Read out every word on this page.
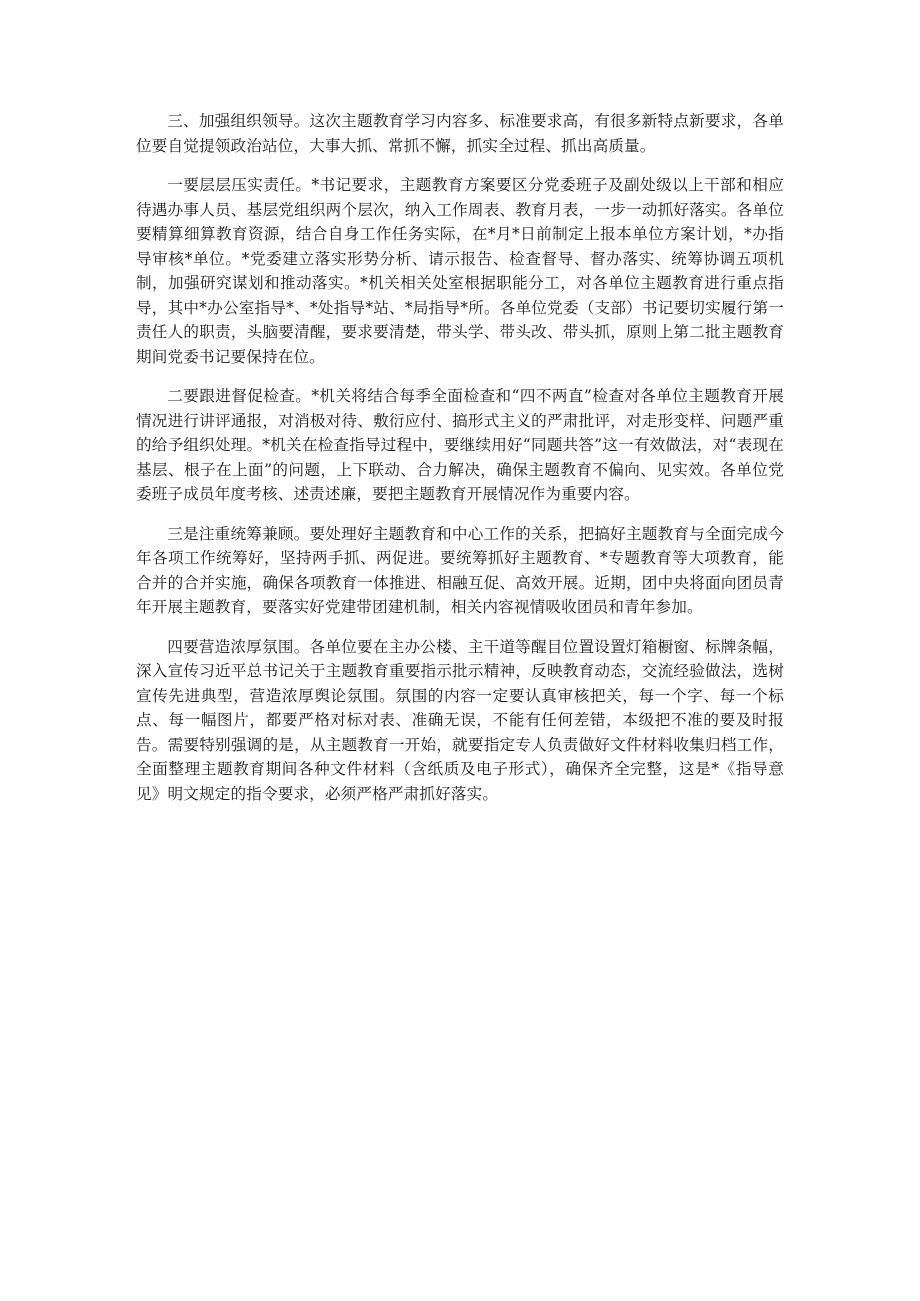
三、加强组织领导。这次主题教育学习内容多、标准要求高，有很多新特点新要求，各单位要自觉提领政治站位，大事大抓、常抓不懈，抓实全过程、抓出高质量。

一要层层压实责任。*书记要求，主题教育方案要区分党委班子及副处级以上干部和相应待遇办事人员、基层党组织两个层次，纳入工作周表、教育月表，一步一动抓好落实。各单位要精算细算教育资源，结合自身工作任务实际，在*月*日前制定上报本单位方案计划，*办指导审核*单位。*党委建立落实形势分析、请示报告、检查督导、督办落实、统筹协调五项机制，加强研究谋划和推动落实。*机关相关处室根据职能分工，对各单位主题教育进行重点指导，其中*办公室指导*、*处指导*站、*局指导*所。各单位党委（支部）书记要切实履行第一责任人的职责，头脑要清醒，要求要清楚，带头学、带头改、带头抓，原则上第二批主题教育期间党委书记要保持在位。

二要跟进督促检查。*机关将结合每季全面检查和“四不两直”检查对各单位主题教育开展情况进行讲评通报，对消极对待、敷衍应付、搞形式主义的严肃批评，对走形变样、问题严重的给予组织处理。*机关在检查指导过程中，要继续用好“同题共答”这一有效做法，对“表现在基层、根子在上面”的问题，上下联动、合力解决，确保主题教育不偏向、见实效。各单位党委班子成员年度考核、述责述廉，要把主题教育开展情况作为重要内容。

三是注重统筹兼顾。要处理好主题教育和中心工作的关系，把搞好主题教育与全面完成今年各项工作统筹好，坚持两手抓、两促进。要统筹抓好主题教育、*专题教育等大项教育，能合并的合并实施，确保各项教育一体推进、相融互促、高效开展。近期，团中央将面向团员青年开展主题教育，要落实好党建带团建机制，相关内容视情吸收团员和青年参加。

四要营造浓厚氛围。各单位要在主办公楼、主干道等醒目位置设置灯箱橱窗、标牌条幅，深入宣传习近平总书记关于主题教育重要指示批示精神，反映教育动态，交流经验做法，选树宣传先进典型，营造浓厚舆论氛围。氛围的内容一定要认真审核把关，每一个字、每一个标点、每一幅图片，都要严格对标对表、准确无误，不能有任何差错，本级把不准的要及时报告。需要特别强调的是，从主题教育一开始，就要指定专人负责做好文件材料收集归档工作，全面整理主题教育期间各种文件材料（含纸质及电子形式），确保齐全完整，这是*《指导意见》明文规定的指令要求，必须严格严肃抓好落实。
